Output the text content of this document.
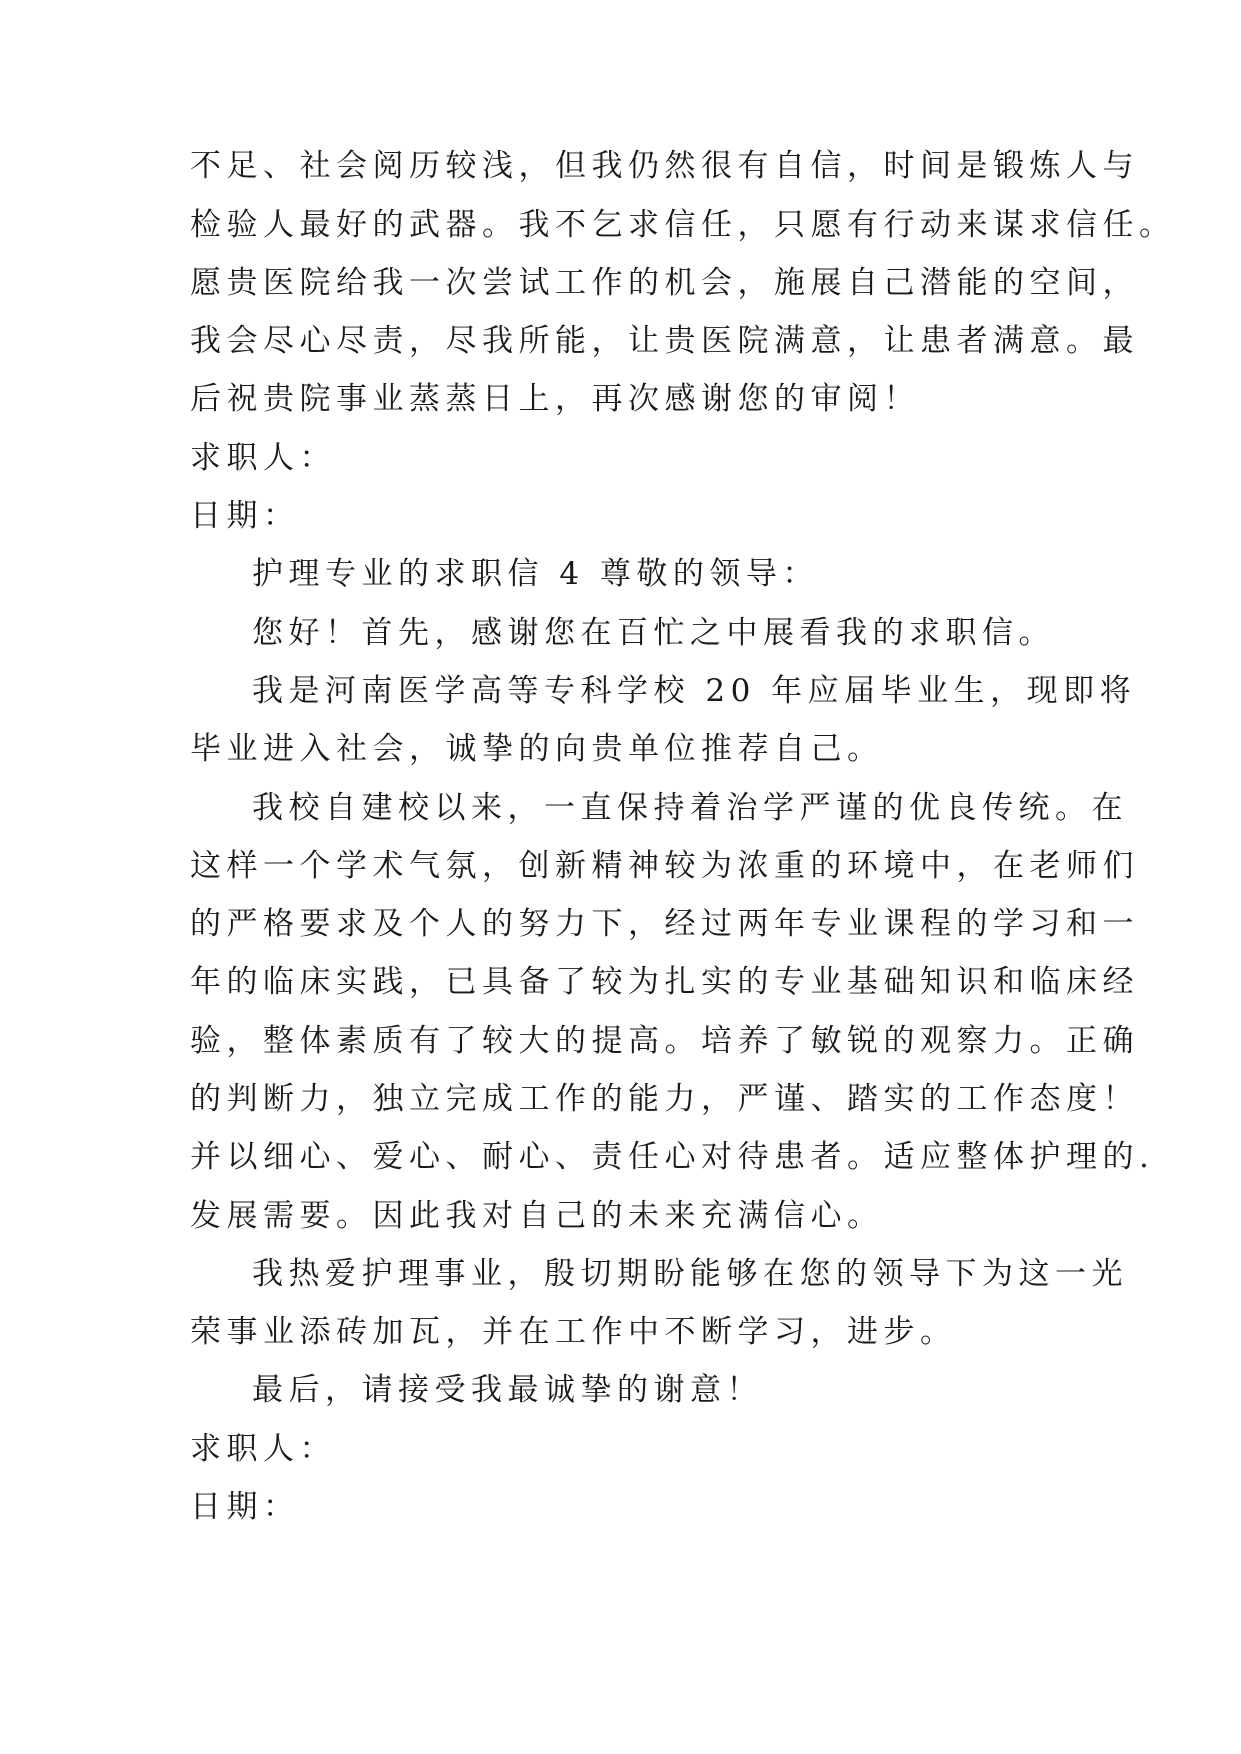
不足、社会阅历较浅，但我仍然很有自信，时间是锻炼人与
检验人最好的武器。我不乞求信任，只愿有行动来谋求信任。
愿贵医院给我一次尝试工作的机会，施展自己潜能的空间，
我会尽心尽责，尽我所能，让贵医院满意，让患者满意。最
后祝贵院事业蒸蒸日上，再次感谢您的审阅！
求职人：
日期：
护理专业的求职信 4 尊敬的领导：
您好！首先，感谢您在百忙之中展看我的求职信。
我是河南医学高等专科学校 20 年应届毕业生，现即将
毕业进入社会，诚挚的向贵单位推荐自己。
我校自建校以来，一直保持着治学严谨的优良传统。在
这样一个学术气氛，创新精神较为浓重的环境中，在老师们
的严格要求及个人的努力下，经过两年专业课程的学习和一
年的临床实践，已具备了较为扎实的专业基础知识和临床经
验，整体素质有了较大的提高。培养了敏锐的观察力。正确
的判断力，独立完成工作的能力，严谨、踏实的工作态度！
并以细心、爱心、耐心、责任心对待患者。适应整体护理的.
发展需要。因此我对自己的未来充满信心。
我热爱护理事业，殷切期盼能够在您的领导下为这一光
荣事业添砖加瓦，并在工作中不断学习，进步。
最后，请接受我最诚挚的谢意！
求职人：
日期：
